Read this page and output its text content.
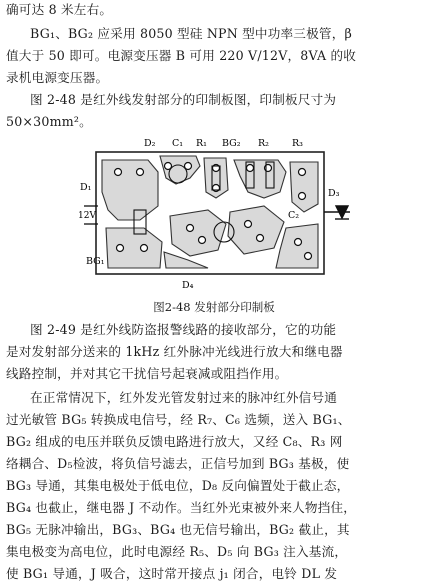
确可达 8 米左右。
BG₁、BG₂ 应采用 8050 型硅 NPN 型中功率三极管，β
值大于 50 即可。电源变压器 B 可用 220 V/12V，8VA 的收
录机电源变压器。
图 2-48 是红外线发射部分的印制板图，印制板尺寸为
50×30mm²。
D₂ C₁ R₁ BG₂ R₂ R₃
D₁
12V
D₃
C₂
BG₁
D₄
图2-48 发射部分印制板
图 2-49 是红外线防盗报警线路的接收部分，它的功能
是对发射部分送来的 1kHz 红外脉冲光线进行放大和继电器
线路控制，并对其它干扰信号起衰减或阻挡作用。
在正常情况下，红外发光管发射过来的脉冲红外信号通
过光敏管 BG₅ 转换成电信号，经 R₇、C₆ 选频，送入 BG₁、
BG₂ 组成的电压并联负反馈电路进行放大，又经 C₈、R₃ 网
络耦合、D₅检波，将负信号滤去，正信号加到 BG₃ 基极，使
BG₃ 导通，其集电极处于低电位，D₈ 反向偏置处于截止态，
BG₄ 也截止，继电器 J 不动作。当红外光束被外来人物挡住，
BG₅ 无脉冲输出，BG₃、BG₄ 也无信号输出，BG₂ 截止，其
集电极变为高电位，此时电源经 R₅、D₅ 向 BG₃ 注入基流，
使 BG₁ 导通，J 吸合，这时常开接点 j₁ 闭合，电铃 DL 发
